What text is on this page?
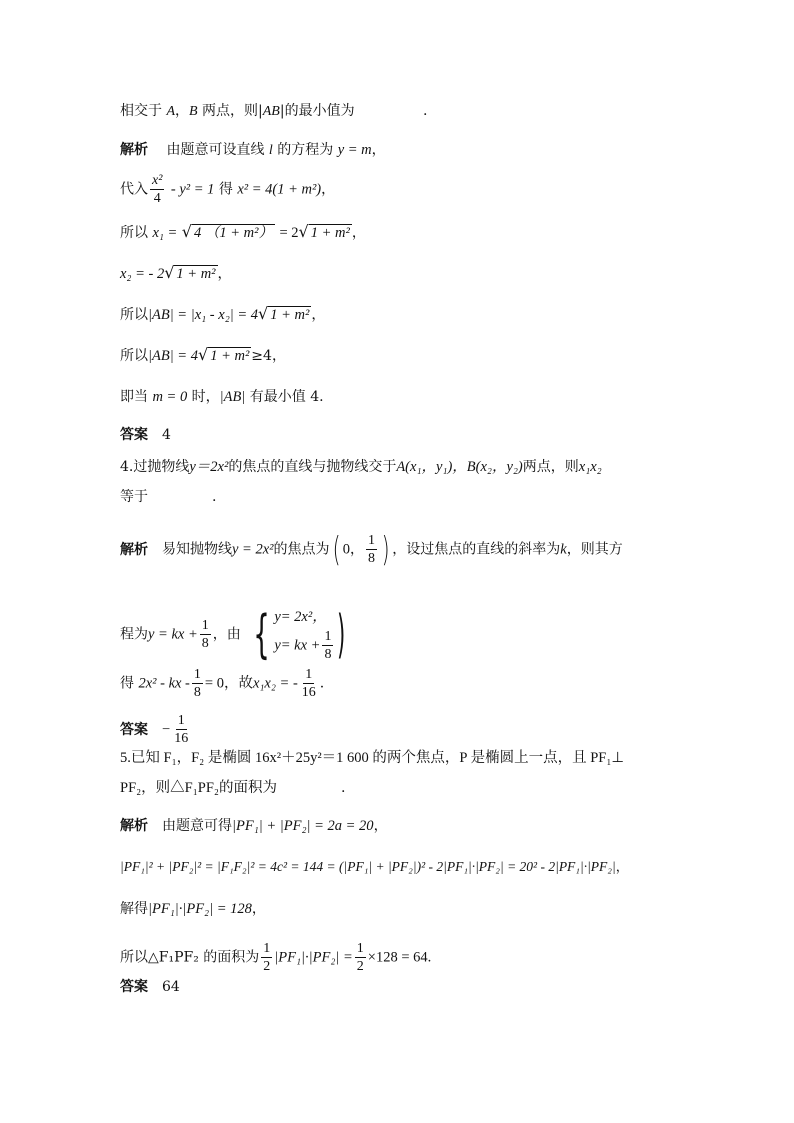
相交于 A，B 两点，则|AB|的最小值为	.
解析 由题意可设直线 l 的方程为 y = m，
代入 $\frac{\text{x²}}{4} - y^2 = 1$ 得 x² = 4(1 + m²)，
所以 x₁ = √ 4 （1 + m²） = 2√ 1 + m² ，
x₂ = - 2√ 1 + m² ，
所以|AB| = |x₁ - x₂| = 4√ 1 + m² ，
所以|AB| = 4√ 1 + m² ≥4，
即当 m = 0 时，|AB| 有最小值 4.
答案 4
4.过抛物线y＝2x²的焦点的直线与抛物线交于A(x₁，y₁)，B(x₂，y₂)两点，则x₁x₂
等于	.
解析 易知抛物线y = 2x²的焦点为( 0， $\frac{1}{8}$ ) ，设过焦点的直线的斜率为k，则其方
程为y = kx + $\frac{1}{8}$ ，由 { y= 2x²，
y= kx + $\frac{1}{8}$ )
得 2x² - kx - $\frac{1}{8} = 0$，故x₁x₂ = - $\frac{1}{16}$ .
答案 − $\frac{1}{16}$
5.已知 F₁，F₂ 是椭圆 16x²＋25y²＝1 600 的两个焦点，P 是椭圆上一点，且 PF₁⊥
PF₂，则△F₁PF₂的面积为	.
解析 由题意可得|PF₁| + |PF₂| = 2a = 20，
|PF₁|² + |PF₂|² = |F₁F₂|² = 4c² = 144 = (|PF₁| + |PF₂|)² - 2|PF₁|·|PF₂| = 20² - 2|PF₁|·|PF₂|，
解得|PF₁|·|PF₂| = 128，
所以△F₁PF₂ 的面积为 $\frac{1}{2} |PF_1|\cdot|PF_2| = \frac{1}{2} \times 128 = 64$.
答案 64
